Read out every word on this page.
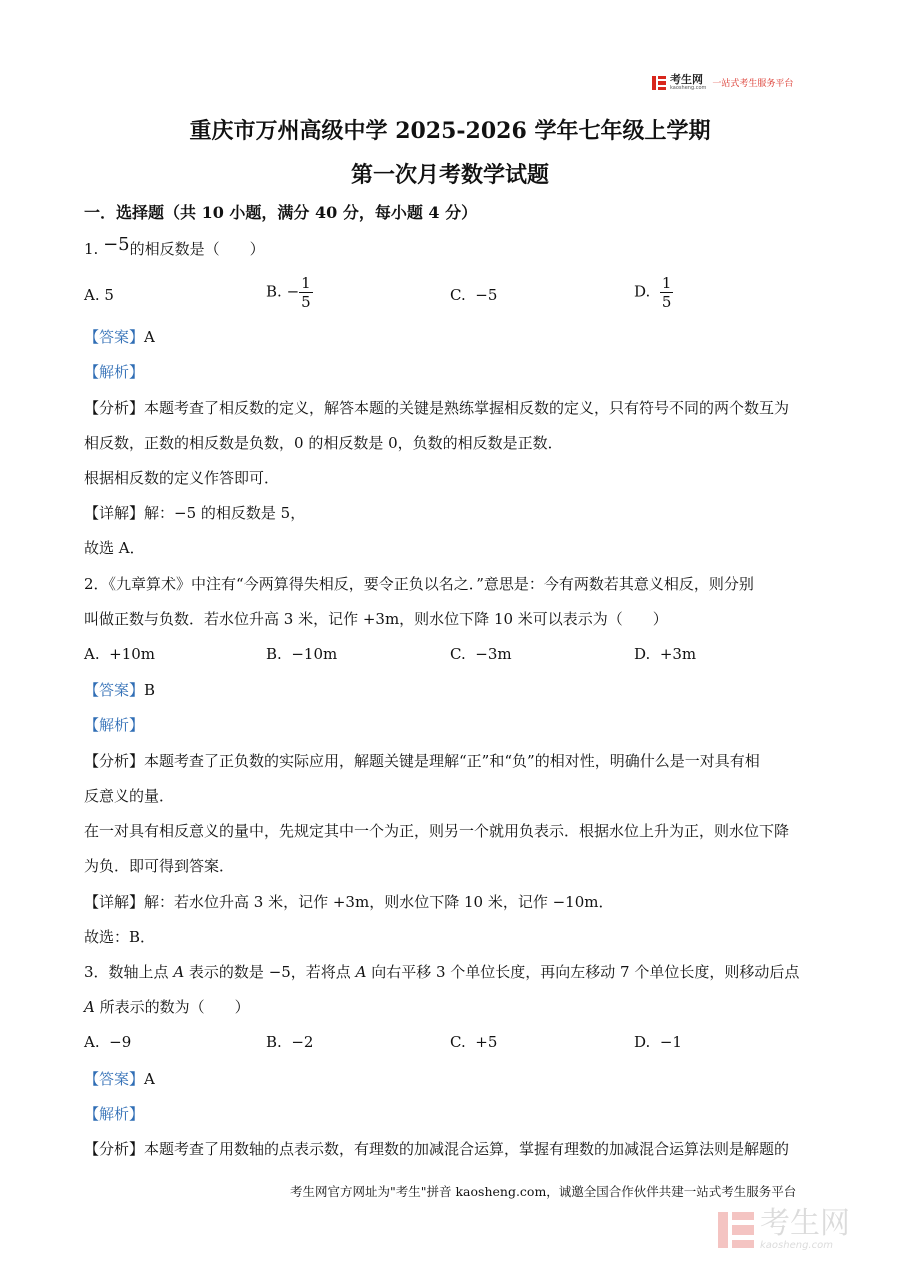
考生网
kaosheng.com 一站式考生服务平台
重庆市万州高级中学 2025-2026 学年七年级上学期
第一次月考数学试题
一．选择题（共 10 小题，满分 40 分，每小题 4 分）
1. −5的相反数是（　　）
A. 5	B. − $\frac{1}{5}$	C. −5	D. $\frac{1}{5}$
【答案】A
【解析】
【分析】本题考查了相反数的定义，解答本题的关键是熟练掌握相反数的定义，只有符号不同的两个数互为
相反数，正数的相反数是负数，0 的相反数是 0，负数的相反数是正数．
根据相反数的定义作答即可．
【详解】解：−5 的相反数是 5，
故选 A．
2．《九章算术》中注有“今两算得失相反，要令正负以名之．”意思是：今有两数若其意义相反，则分别
叫做正数与负数．若水位升高 3 米，记作 +3m，则水位下降 10 米可以表示为（　　）
A. +10m	B. −10m	C. −3m	D. +3m
【答案】B
【解析】
【分析】本题考查了正负数的实际应用，解题关键是理解“正”和“负”的相对性，明确什么是一对具有相
反意义的量．
在一对具有相反意义的量中，先规定其中一个为正，则另一个就用负表示．根据水位上升为正，则水位下降
为负．即可得到答案．
【详解】解：若水位升高 3 米，记作 +3m，则水位下降 10 米，记作 −10m．
故选：B．
3．数轴上点 A 表示的数是 −5，若将点 A 向右平移 3 个单位长度，再向左移动 7 个单位长度，则移动后点
A 所表示的数为（　　）
A. −9	B. −2	C. +5	D. −1
【答案】A
【解析】
【分析】本题考查了用数轴的点表示数，有理数的加减混合运算，掌握有理数的加减混合运算法则是解题的
考生网官方网址为"考生"拼音 kaosheng.com，诚邀全国合作伙伴共建一站式考生服务平台
考生网
kaosheng.com
